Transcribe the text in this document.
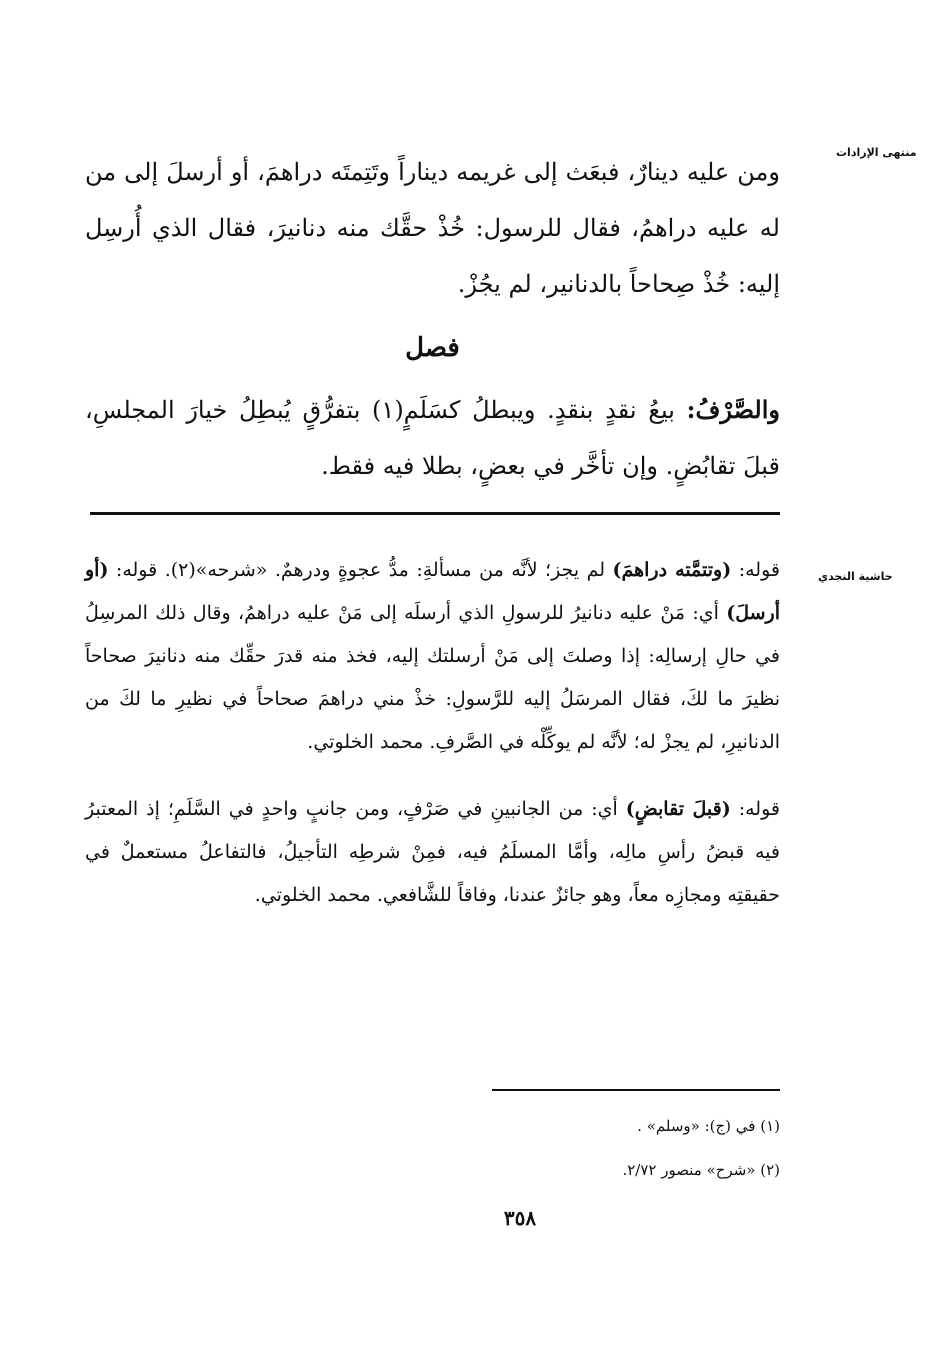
منتهى الإرادات

ومن عليه دينارٌ، فبعَث إلى غريمه ديناراً وتَتِمتَه دراهمَ، أو أرسلَ إلى من له عليه دراهمُ، فقال للرسول: خُذْ حقَّك منه دنانيرَ، فقال الذي أُرسِل إليه: خُذْ صِحاحاً بالدنانير، لم يجُزْ.

فصل

والصَّرْفُ: بيعُ نقدٍ بنقدٍ. ويبطلُ كسَلَمٍ(١) بتفرُّقٍ يُبطِلُ خيارَ المجلسِ، قبلَ تقابُضٍ. وإن تأخَّر في بعضٍ، بطلا فيه فقط.

حاشية النجدي

قوله: (وتتمَّته دراهمَ) لم يجز؛ لأنَّه من مسألةِ: مدُّ عجوةٍ ودرهمٌ. «شرحه»(٢). قوله: (أو أرسلَ) أي: مَنْ عليه دنانيرُ للرسولِ الذي أرسلَه إلى مَنْ عليه دراهمُ، وقال ذلك المرسِلُ في حالِ إرسالِه: إذا وصلتَ إلى مَنْ أرسلتك إليه، فخذ منه قدرَ حقِّك منه دنانيرَ صحاحاً نظيرَ ما لكَ، فقال المرسَلُ إليه للرَّسولِ: خذْ مني دراهمَ صحاحاً في نظيرِ ما لكَ من الدنانيرِ، لم يجزْ له؛ لأنَّه لم يوكِّلْه في الصَّرفِ. محمد الخلوتي.

قوله: (قبلَ تقابضٍ) أي: من الجانبينِ في صَرْفٍ، ومن جانبٍ واحدٍ في السَّلَمِ؛ إذ المعتبرُ فيه قبضُ رأسِ مالِه، وأمَّا المسلَمُ فيه، فمِنْ شرطِه التأجيلُ، فالتفاعلُ مستعملٌ في حقيقتِه ومجازِه معاً، وهو جائزٌ عندنا، وفاقاً للشَّافعي. محمد الخلوتي.

(١) في (ج): «وسلم» .
(٢) «شرح» منصور ٢/٧٢.
٣٥٨
